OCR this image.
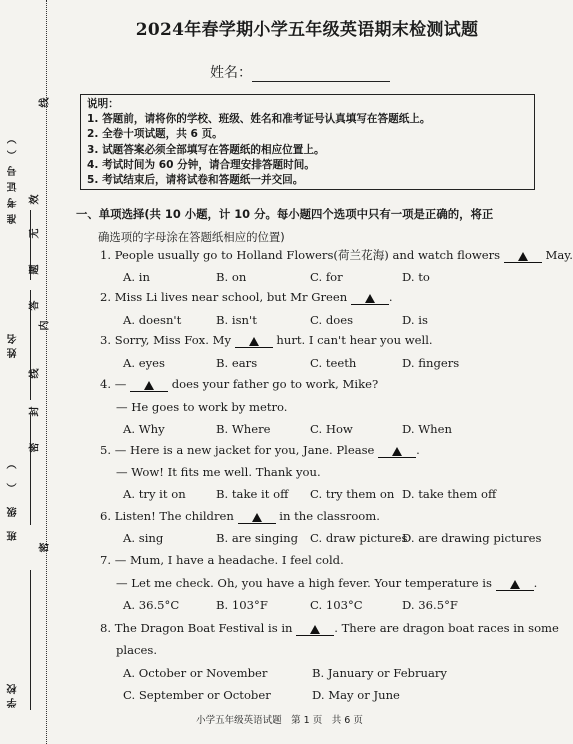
准考证号（）
姓名
班级（）
学校
线
效
无
题
答
内
线
封
密
密
2024年春学期小学五年级英语期末检测试题
姓名：
说明：
1. 答题前，请将你的学校、班级、姓名和准考证号认真填写在答题纸上。
2. 全卷十项试题，共 6 页。
3. 试题答案必须全部填写在答题纸的相应位置上。
4. 考试时间为 60 分钟，请合理安排答题时间。
5. 考试结束后，请将试卷和答题纸一并交回。
一、单项选择(共 10 小题，计 10 分。每小题四个选项中只有一项是正确的，将正
确选项的字母涂在答题纸相应的位置)
1. People usually go to Holland Flowers(荷兰花海) and watch flowers	May.
A. in	B. on	C. for	D. to
2. Miss Li lives near school, but Mr Green	.
A. doesn't	B. isn't	C. does	D. is
3. Sorry, Miss Fox. My	hurt. I can't hear you well.
A. eyes	B. ears	C. teeth	D. fingers
4. —	does your father go to work, Mike?
— He goes to work by metro.
A. Why	B. Where	C. How	D. When
5. — Here is a new jacket for you, Jane. Please	.
— Wow! It fits me well. Thank you.
A. try it on	B. take it off C. try them on D. take them off
6. Listen! The children	in the classroom.
A. sing	B. are singing C. draw pictures
D. are drawing pictures
7. — Mum, I have a headache. I feel cold.
— Let me check. Oh, you have a high fever. Your temperature is	.
A. 36.5°C	B. 103°F	C. 103°C	D. 36.5°F
8. The Dragon Boat Festival is in	. There are dragon boat races in some
places.
A. October or November	B. January or February
C. September or October	D. May or June
小学五年级英语试题　第 1 页　共 6 页
